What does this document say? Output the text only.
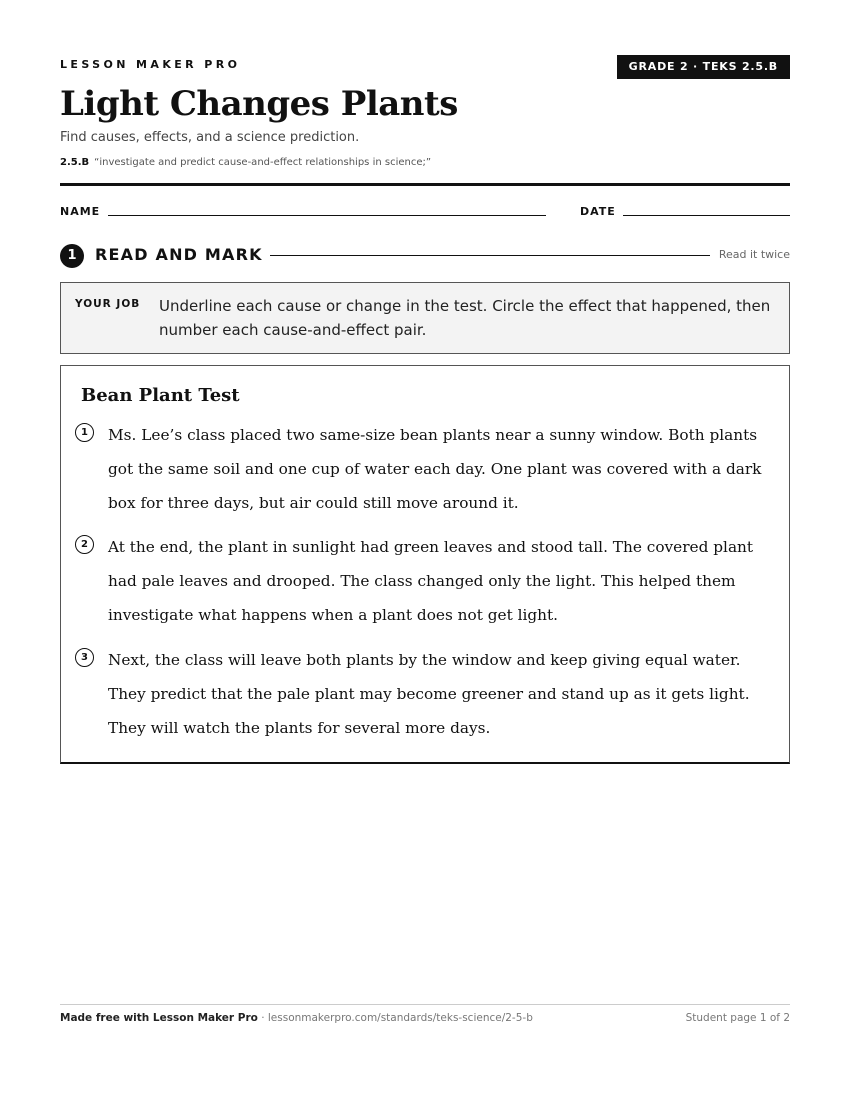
LESSON MAKER PRO	GRADE 2 · TEKS 2.5.B
Light Changes Plants
Find causes, effects, and a science prediction.
2.5.B “investigate and predict cause-and-effect relationships in science;”
NAME	DATE
1	READ AND MARK	Read it twice
YOUR JOB Underline each cause or change in the test. Circle the effect that happened, then number each cause-and-effect pair.
Bean Plant Test
1	Ms. Lee’s class placed two same-size bean plants near a sunny window. Both plants got the same soil and one cup of water each day. One plant was covered with a dark box for three days, but air could still move around it.
2	At the end, the plant in sunlight had green leaves and stood tall. The covered plant had pale leaves and drooped. The class changed only the light. This helped them investigate what happens when a plant does not get light.
3	Next, the class will leave both plants by the window and keep giving equal water. They predict that the pale plant may become greener and stand up as it gets light. They will watch the plants for several more days.
Made free with Lesson Maker Pro · lessonmakerpro.com/standards/teks-science/2-5-b	Student page 1 of 2
